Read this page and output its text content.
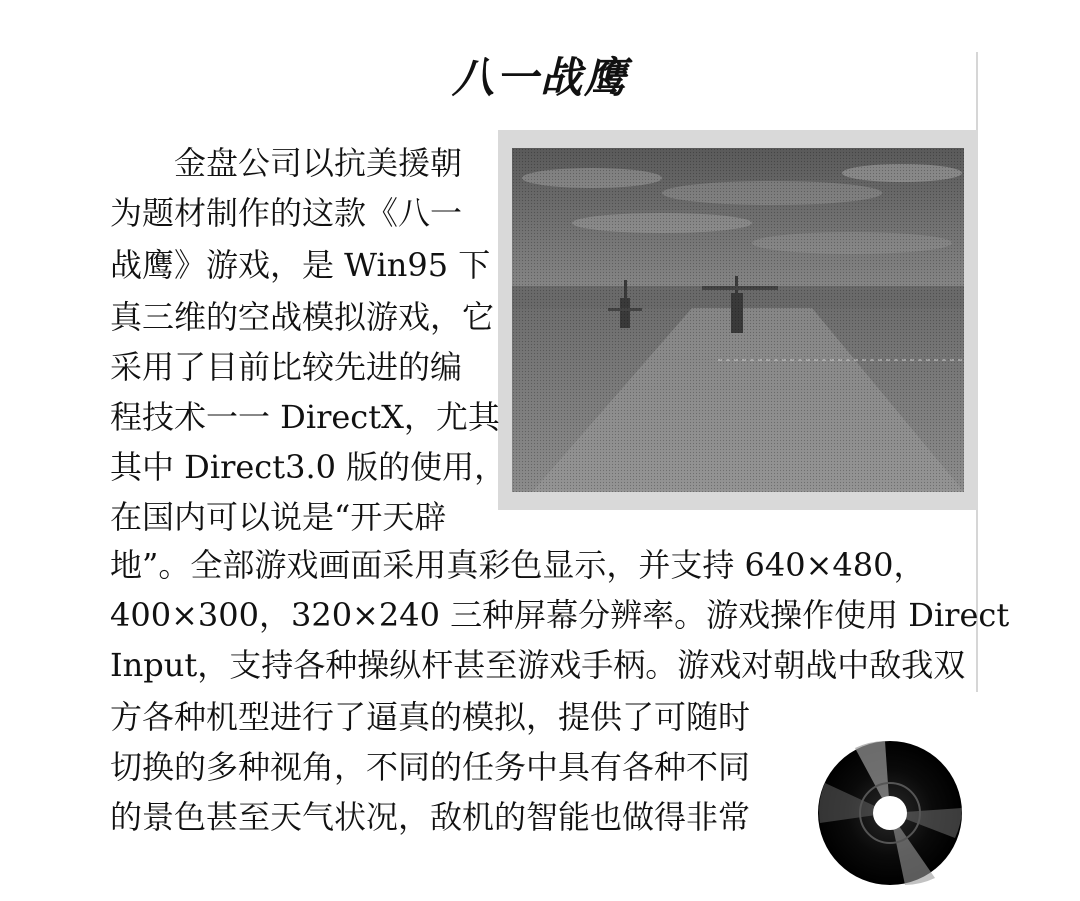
八一战鹰
　　金盘公司以抗美援朝
为题材制作的这款《八一
战鹰》游戏，是 Win95 下
真三维的空战模拟游戏，它
采用了目前比较先进的编
程技术一一 DirectX，尤其
其中 Direct3.0 版的使用，
在国内可以说是“开天辟
地”。全部游戏画面采用真彩色显示，并支持 640×480，
400×300，320×240 三种屏幕分辨率。游戏操作使用 Direct
Input，支持各种操纵杆甚至游戏手柄。游戏对朝战中敌我双
方各种机型进行了逼真的模拟，提供了可随时
切换的多种视角，不同的任务中具有各种不同
的景色甚至天气状况，敌机的智能也做得非常
